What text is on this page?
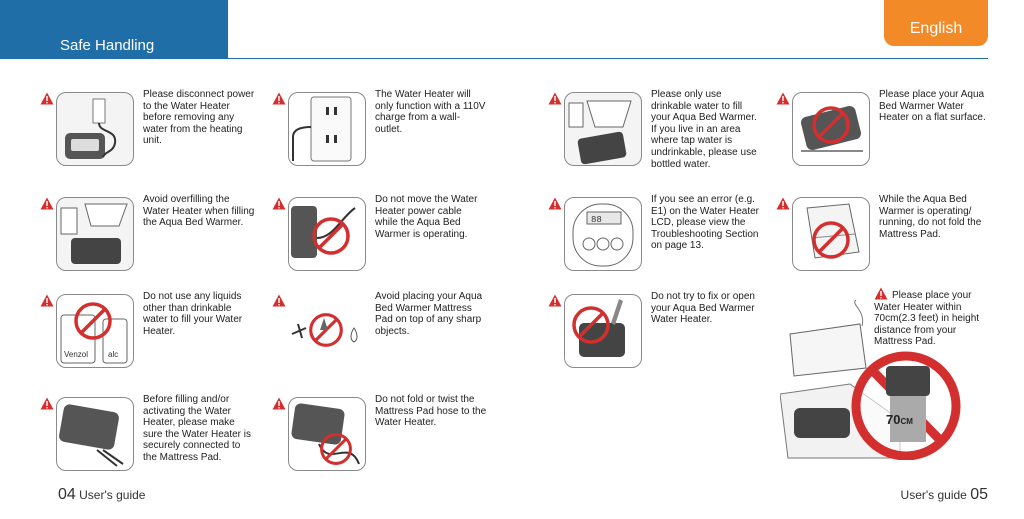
Safe Handling
English
Please disconnect power to the Water Heater before removing any water from the heating unit.
The Water Heater will only function with a 110V charge from a wall-outlet.
Please only use drinkable water to fill your Aqua Bed Warmer. If you live in an area where tap water is undrinkable, please use bottled water.
Please place your Aqua Bed Warmer Water Heater on a flat surface.
Avoid overfilling the Water Heater when filling the Aqua Bed Warmer.
Do not move the Water Heater power cable while the Aqua Bed Warmer is operating.
88
If you see an error (e.g. E1) on the Water Heater LCD, please view the Troubleshooting Section on page 13.
While the Aqua Bed Warmer is operating/ running, do not fold the Mattress Pad.
Venzol alc
Do not use any liquids other than drinkable water to fill your Water Heater.
Avoid placing your Aqua Bed Warmer Mattress Pad on top of any sharp objects.
Do not try to fix or open your Aqua Bed Warmer Water Heater.
Before filling and/or activating the Water Heater, please make sure the Water Heater is securely connected to the Mattress Pad.
Do not fold or twist the Mattress Pad hose to the Water Heater.
Please place your Water Heater within 70cm(2.3 feet) in height distance from your Mattress Pad.
70CM
04 User's guide	User's guide 05
